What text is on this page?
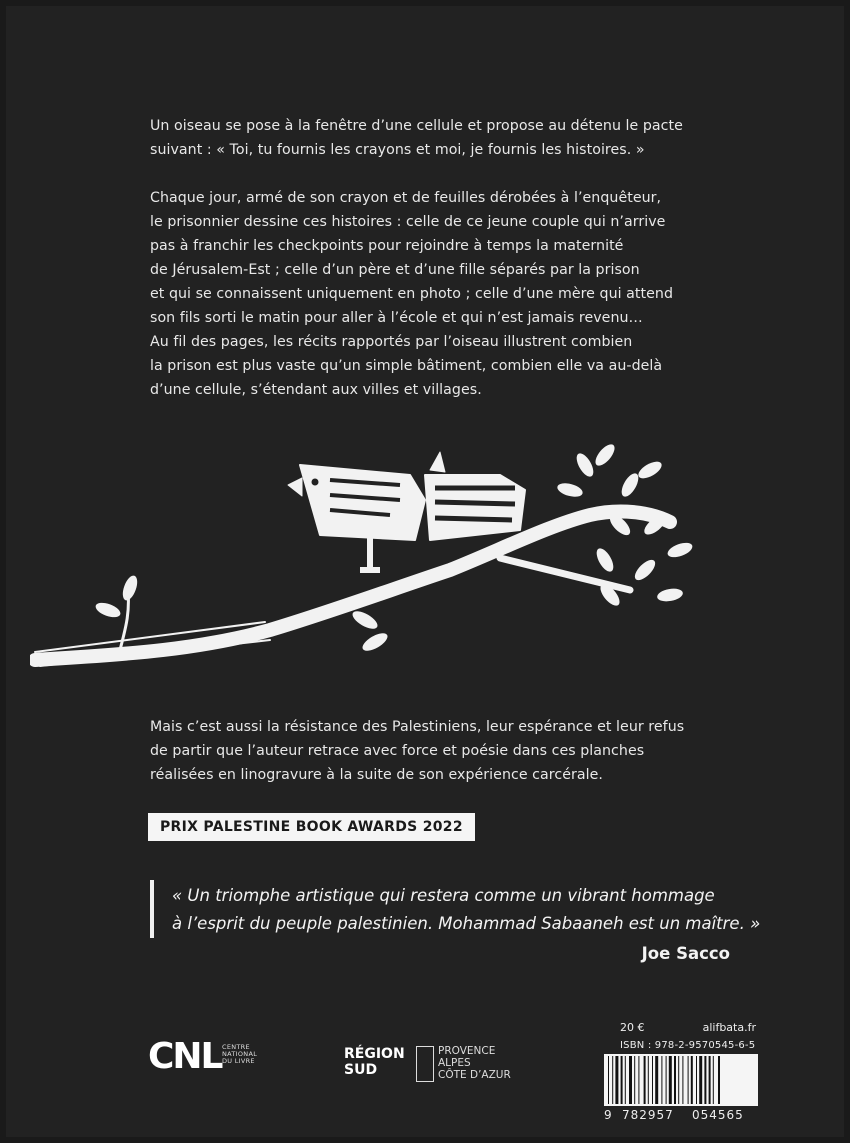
Un oiseau se pose à la fenêtre d’une cellule et propose au détenu le pacte
suivant : « Toi, tu fournis les crayons et moi, je fournis les histoires. »
Chaque jour, armé de son crayon et de feuilles dérobées à l’enquêteur,
le prisonnier dessine ces histoires : celle de ce jeune couple qui n’arrive
pas à franchir les checkpoints pour rejoindre à temps la maternité
de Jérusalem-Est ; celle d’un père et d’une fille séparés par la prison
et qui se connaissent uniquement en photo ; celle d’une mère qui attend
son fils sorti le matin pour aller à l’école et qui n’est jamais revenu…
Au fil des pages, les récits rapportés par l’oiseau illustrent combien
la prison est plus vaste qu’un simple bâtiment, combien elle va au-delà
d’une cellule, s’étendant aux villes et villages.
Mais c’est aussi la résistance des Palestiniens, leur espérance et leur refus
de partir que l’auteur retrace avec force et poésie dans ces planches
réalisées en linogravure à la suite de son expérience carcérale.
PRIX PALESTINE BOOK AWARDS 2022
« Un triomphe artistique qui restera comme un vibrant hommage
à l’esprit du peuple palestinien. Mohammad Sabaaneh est un maître. »
Joe Sacco
CNL CENTRE
NATIONAL
DU LIVRE	RÉGION
SUD
PROVENCE
ALPES
CÔTE D’AZUR
20 €	alifbata.fr
ISBN : 978-2-9570545-6-5
9 782957 054565
